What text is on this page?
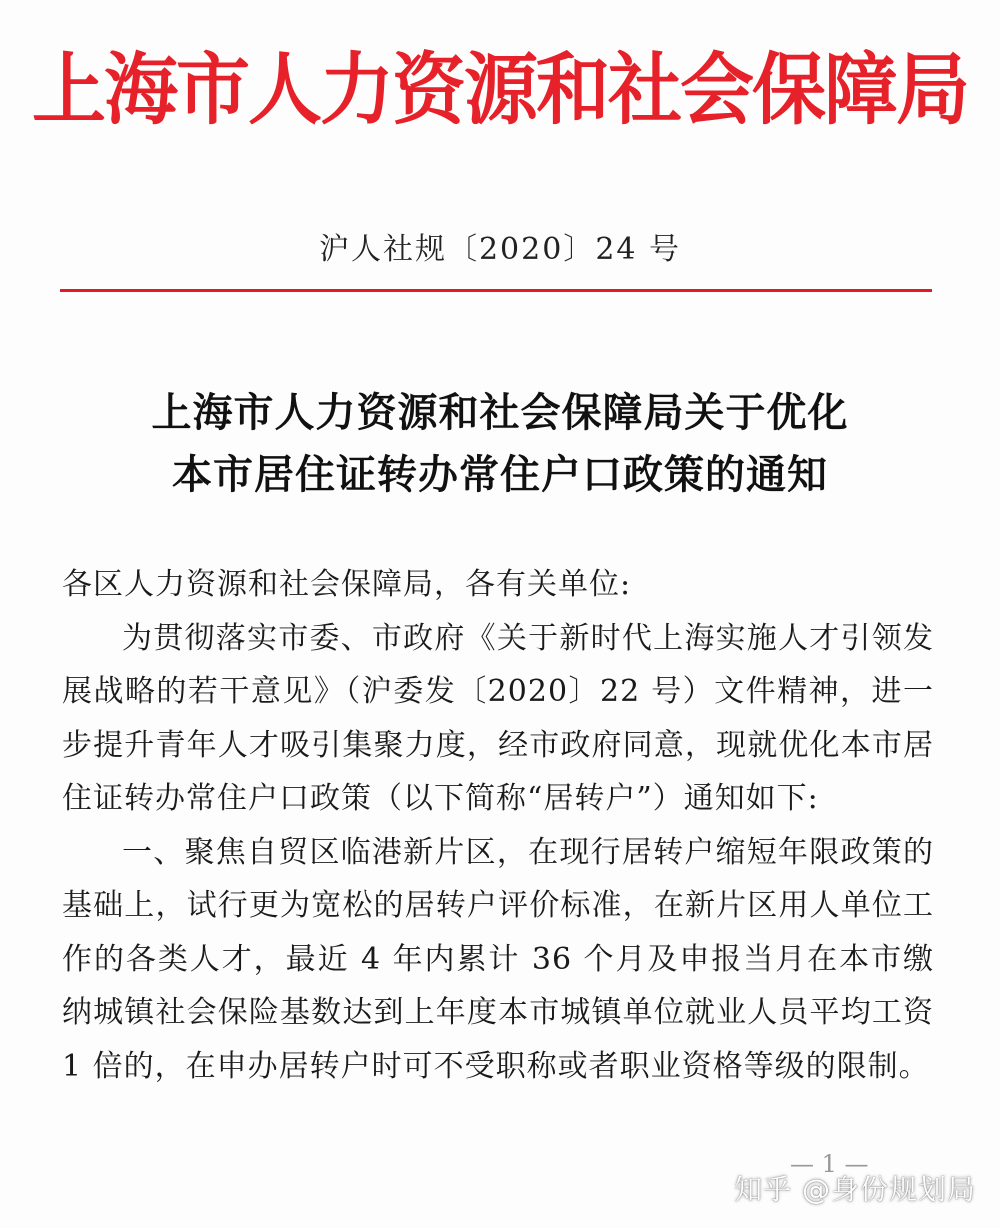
上海市人力资源和社会保障局
沪人社规〔2020〕24 号
上海市人力资源和社会保障局关于优化
本市居住证转办常住户口政策的通知

各区人力资源和社会保障局，各有关单位:

为贯彻落实市委、市政府《关于新时代上海实施人才引领发展战略的若干意见》（沪委发〔2020〕22 号）文件精神，进一步提升青年人才吸引集聚力度，经市政府同意，现就优化本市居住证转办常住户口政策（以下简称“居转户”）通知如下:

一、聚焦自贸区临港新片区，在现行居转户缩短年限政策的基础上，试行更为宽松的居转户评价标准，在新片区用人单位工作的各类人才，最近 4 年内累计 36 个月及申报当月在本市缴纳城镇社会保险基数达到上年度本市城镇单位就业人员平均工资 1 倍的，在申办居转户时可不受职称或者职业资格等级的限制。

— 1 —
知乎 @身份规划局
